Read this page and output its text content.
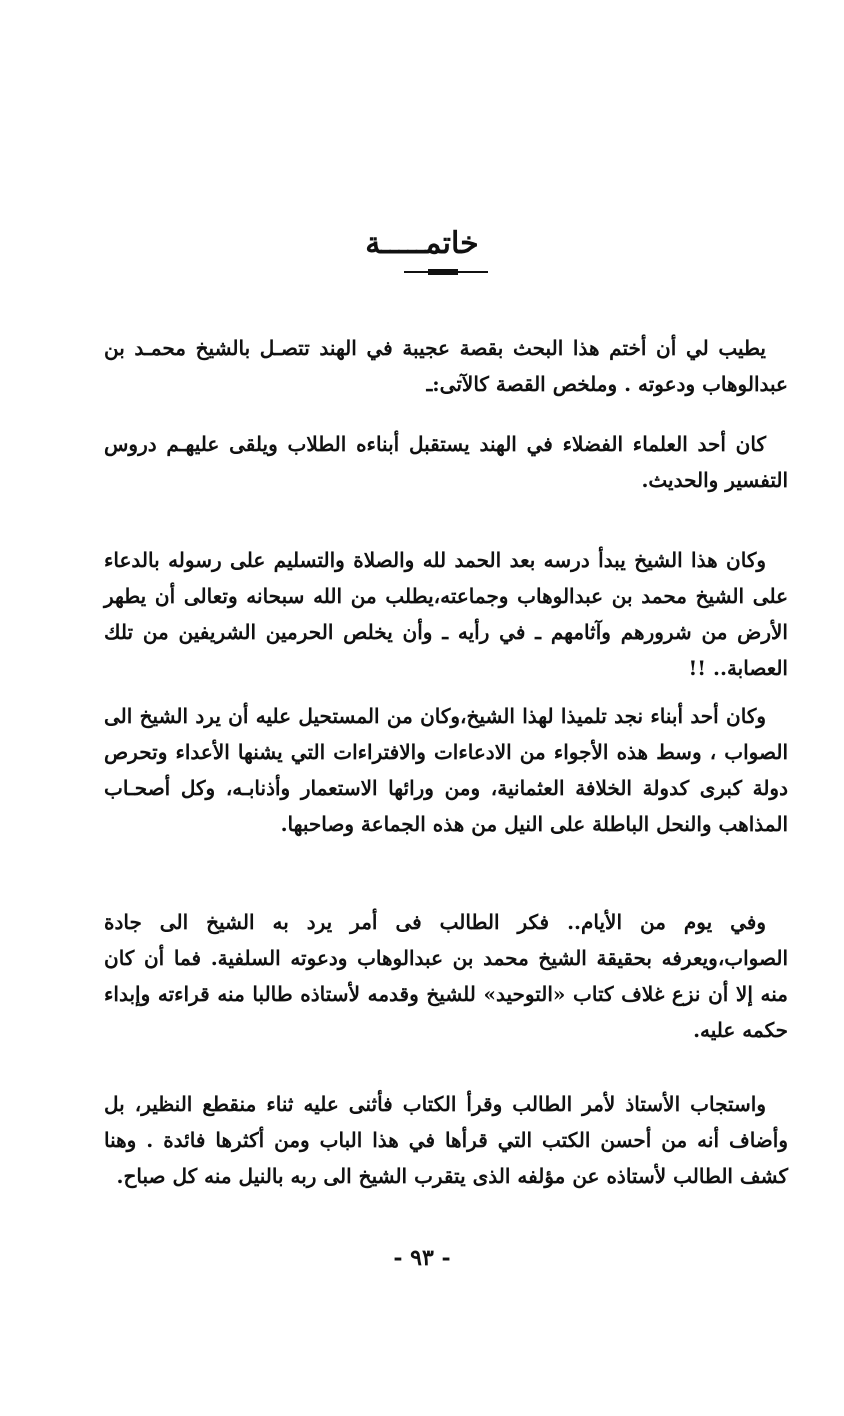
خاتمـــــة

يطيب لي أن أختم هذا البحث بقصة عجيبة في الهند تتصـل بالشيخ محمـد بن عبدالوهاب ودعوته . وملخص القصة كالآتى:ـ

كان أحد العلماء الفضلاء في الهند يستقبل أبناءه الطلاب ويلقى عليهـم دروس التفسير والحديث.

وكان هذا الشيخ يبدأ درسه بعد الحمد لله والصلاة والتسليم على رسوله بالدعاء على الشيخ محمد بن عبدالوهاب وجماعته،يطلب من الله سبحانه وتعالى أن يطهر الأرض من شرورهم وآثامهم ـ في رأيه ـ وأن يخلص الحرمين الشريفين من تلك العصابة.. !!

وكان أحد أبناء نجد تلميذا لهذا الشيخ،وكان من المستحيل عليه أن يرد الشيخ الى الصواب ، وسط هذه الأجواء من الادعاءات والافتراءات التي يشنها الأعداء وتحرص دولة كبرى كدولة الخلافة العثمانية، ومن ورائها الاستعمار وأذنابـه، وكل أصحـاب المذاهب والنحل الباطلة على النيل من هذه الجماعة وصاحبها.

وفي يوم من الأيام.. فكر الطالب فى أمر يرد به الشيخ الى جادة الصواب،ويعرفه بحقيقة الشيخ محمد بن عبدالوهاب ودعوته السلفية. فما أن كان منه إلا أن نزع غلاف كتاب «التوحيد» للشيخ وقدمه لأستاذه طالبا منه قراءته وإبداء حكمه عليه.

واستجاب الأستاذ لأمر الطالب وقرأ الكتاب فأثنى عليه ثناء منقطع النظير، بل وأضاف أنه من أحسن الكتب التي قرأها في هذا الباب ومن أكثرها فائدة . وهنا كشف الطالب لأستاذه عن مؤلفه الذى يتقرب الشيخ الى ربه بالنيل منه كل صباح.

- ٩٣ -
